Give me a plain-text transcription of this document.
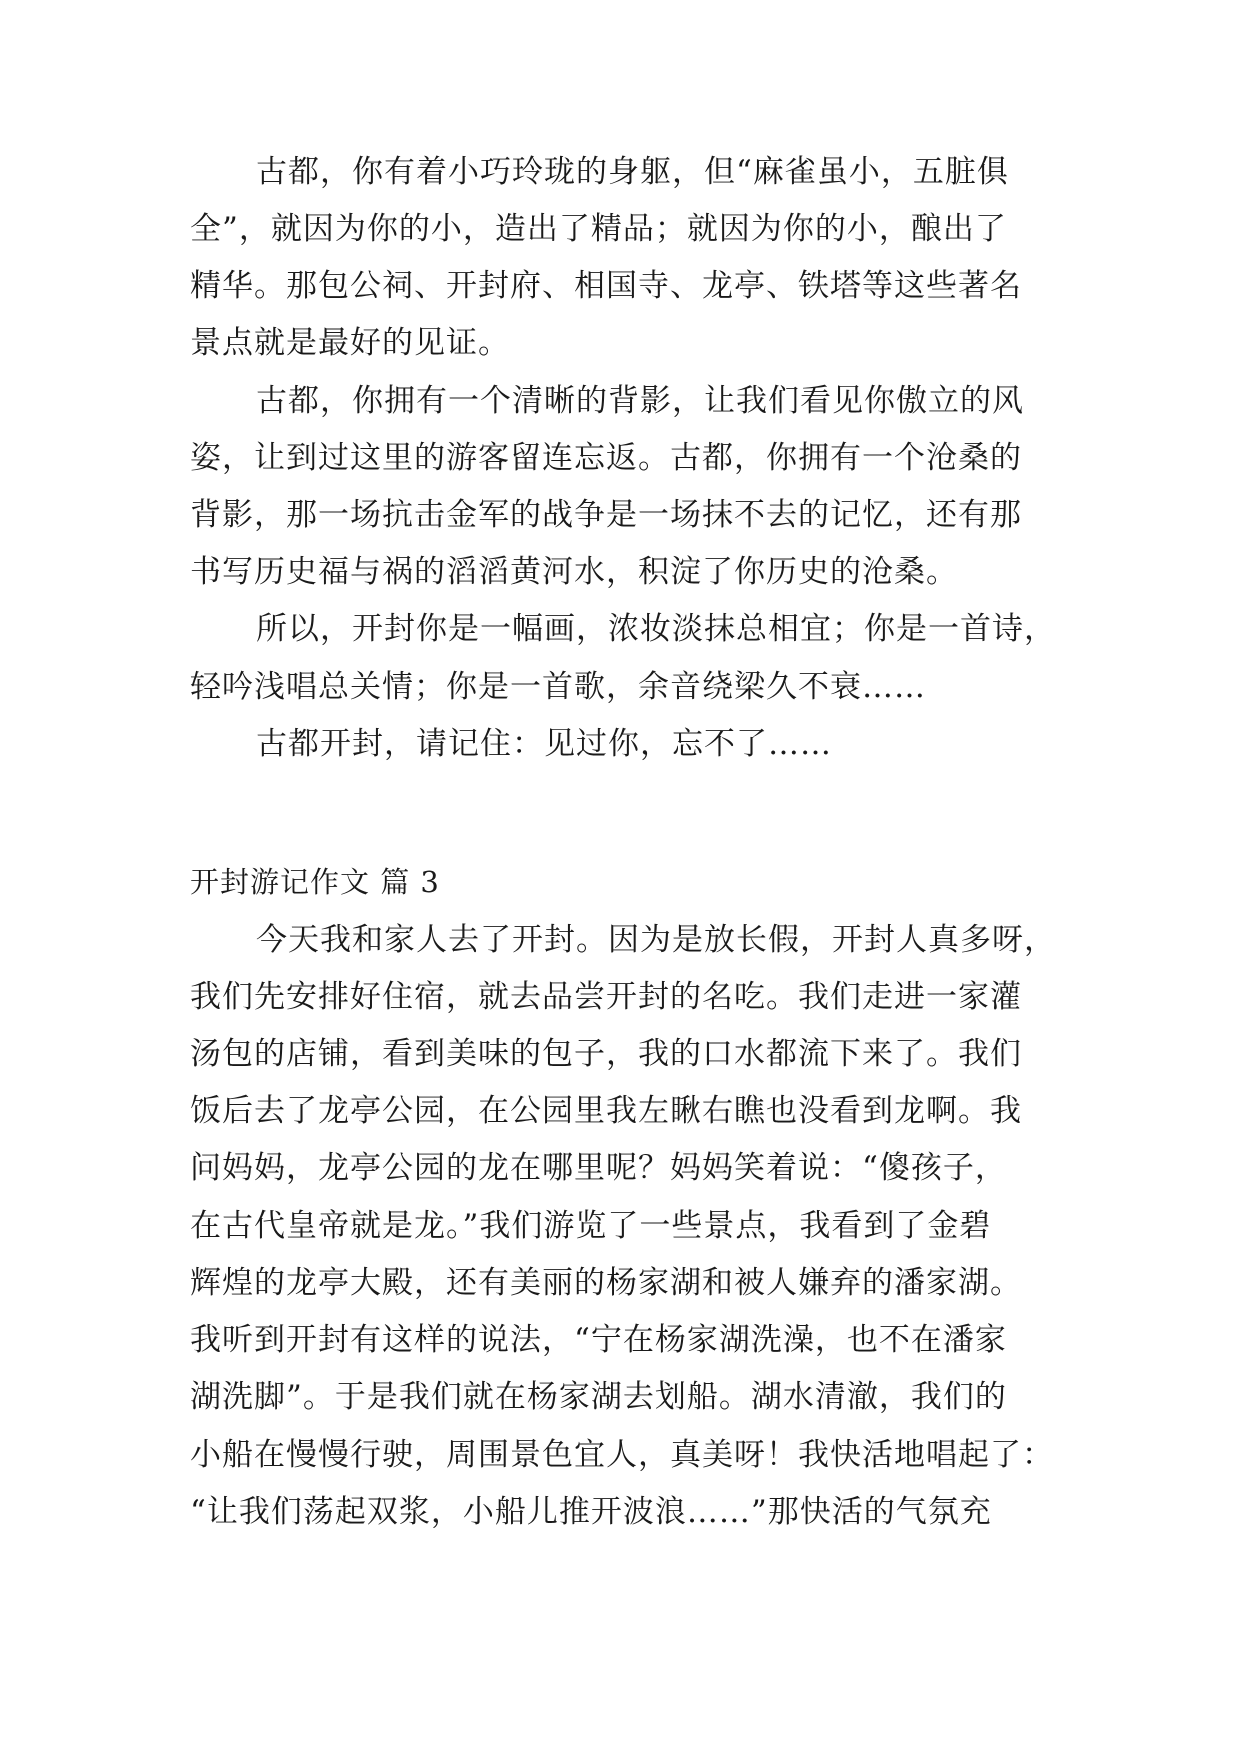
古都，你有着小巧玲珑的身躯，但“麻雀虽小，五脏俱
全”，就因为你的小，造出了精品；就因为你的小，酿出了
精华。那包公祠、开封府、相国寺、龙亭、铁塔等这些著名
景点就是最好的见证。
古都，你拥有一个清晰的背影，让我们看见你傲立的风
姿，让到过这里的游客留连忘返。古都，你拥有一个沧桑的
背影，那一场抗击金军的战争是一场抹不去的记忆，还有那
书写历史福与祸的滔滔黄河水，积淀了你历史的沧桑。
所以，开封你是一幅画，浓妆淡抹总相宜；你是一首诗，
轻吟浅唱总关情；你是一首歌，余音绕梁久不衰……
古都开封，请记住：见过你，忘不了……
开封游记作文 篇 3
今天我和家人去了开封。因为是放长假，开封人真多呀，
我们先安排好住宿，就去品尝开封的名吃。我们走进一家灌
汤包的店铺，看到美味的包子，我的口水都流下来了。我们
饭后去了龙亭公园，在公园里我左瞅右瞧也没看到龙啊。我
问妈妈，龙亭公园的龙在哪里呢？妈妈笑着说：“傻孩子，
在古代皇帝就是龙。”我们游览了一些景点，我看到了金碧
辉煌的龙亭大殿，还有美丽的杨家湖和被人嫌弃的潘家湖。
我听到开封有这样的说法，“宁在杨家湖洗澡，也不在潘家
湖洗脚”。于是我们就在杨家湖去划船。湖水清澈，我们的
小船在慢慢行驶，周围景色宜人，真美呀！我快活地唱起了：
“让我们荡起双浆，小船儿推开波浪……”那快活的气氛充
